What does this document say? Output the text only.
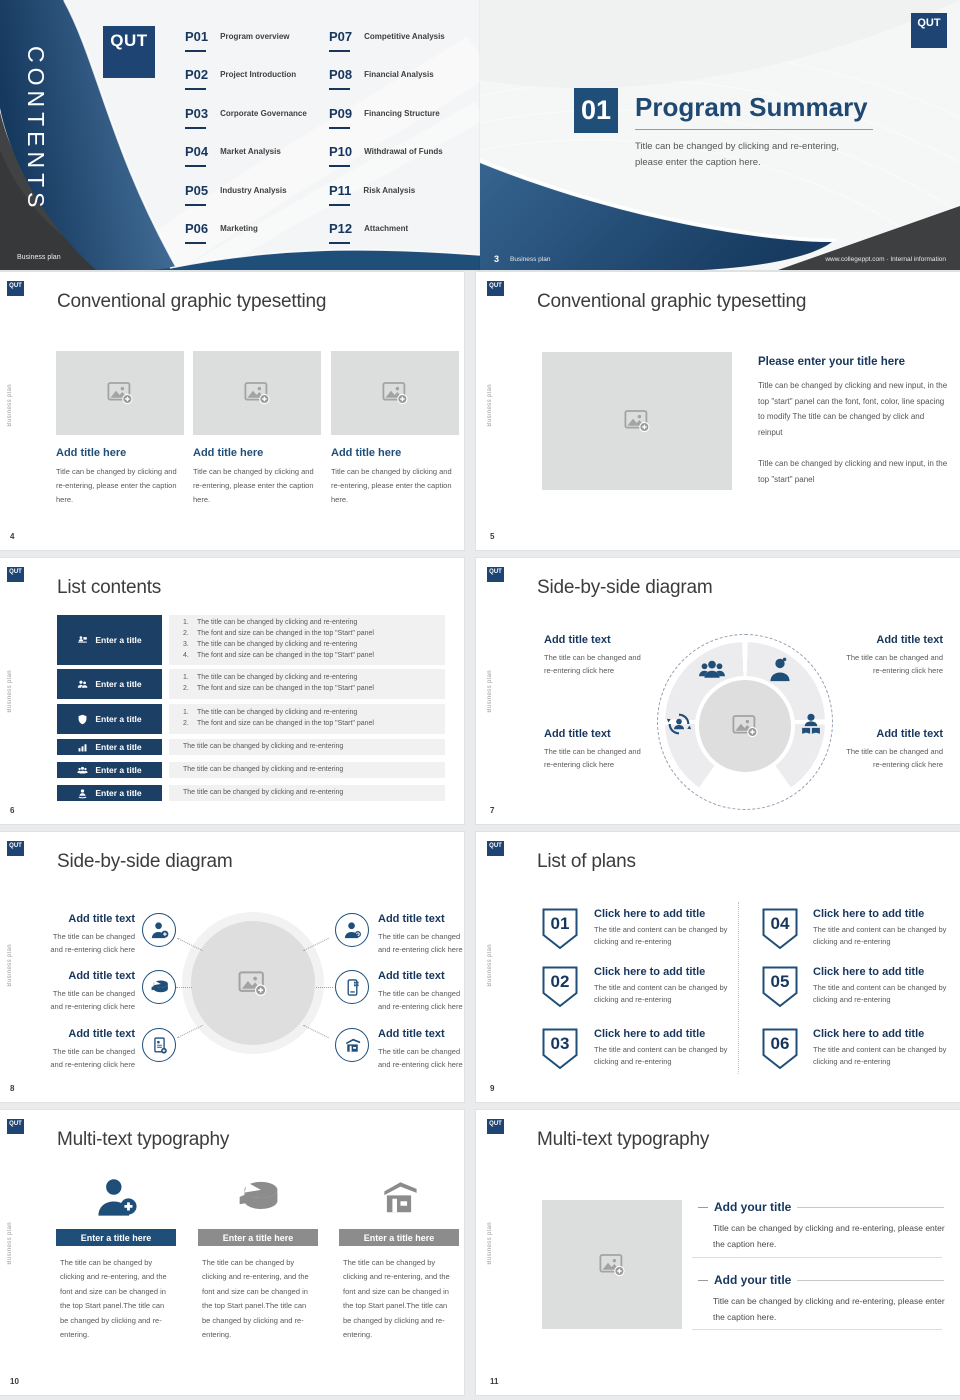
CONTENTS
QUT	P01 Program overview
P02 Project Introduction
P03 Corporate Governance
P04 Market Analysis
P05 Industry Analysis
P06 Marketing
P07 Competitive Analysis
P08 Financial Analysis
P09 Financing Structure
P10 Withdrawal of Funds
P11 Risk Analysis
P12 Attachment
Business plan
QUT
01 Program Summary
Title can be changed by clicking and re-entering,
please enter the caption here.
3 Business plan	www.collegeppt.com · Internal information
QUT
Conventional graphic typesetting
Business plan
Add title here
Title can be changed by clicking and re-entering, please enter the caption here.
Add title here
Title can be changed by clicking and re-entering, please enter the caption here.
Add title here
Title can be changed by clicking and re-entering, please enter the caption here.
4
QUT
Conventional graphic typesetting
Business plan
Please enter your title here
Title can be changed by clicking and new input, in the top "start" panel can the font, font, color, line spacing to modify The title can be changed by click and reinput
Title can be changed by clicking and new input, in the top "start" panel
5
QUT
List contents
Business plan
Enter a title
1.	The title can be changed by clicking and re-entering
2.	The font and size can be changed in the top "Start" panel
3.	The title can be changed by clicking and re-entering
4.	The font and size can be changed in the top "Start" panel
Enter a title
1.	The title can be changed by clicking and re-entering
2.	The font and size can be changed in the top "Start" panel
Enter a title
1.	The title can be changed by clicking and re-entering
2.	The font and size can be changed in the top "Start" panel
Enter a title	The title can be changed by clicking and re-entering
Enter a title	The title can be changed by clicking and re-entering
Enter a title	The title can be changed by clicking and re-entering
6
QUT
Side-by-side diagram
Business plan
Add title text

The title can be changed and
re-entering click here

Add title text

The title can be changed and
re-entering click here

Add title text

The title can be changed and
re-entering click here

Add title text

The title can be changed and
re-entering click here

7
QUT
Side-by-side diagram
Business plan
Add title text

The title can be changed
and re-entering click here

Add title text

The title can be changed
and re-entering click here

Add title text

The title can be changed
and re-entering click here

Add title text

The title can be changed
and re-entering click here

Add title text

The title can be changed
and re-entering click here

Add title text

The title can be changed
and re-entering click here

8
QUT
List of plans
Business plan
01	Click here to add title

The title and content can be changed by
clicking and re-entering

02	Click here to add title

The title and content can be changed by
clicking and re-entering

03	Click here to add title

The title and content can be changed by
clicking and re-entering

04	Click here to add title

The title and content can be changed by clicking and re-entering

05	Click here to add title

The title and content can be changed by clicking and re-entering

06	Click here to add title

The title and content can be changed by clicking and re-entering

9
QUT
Multi-text typography
Business plan	Enter a title here	Enter a title here	Enter a title here
The title can be changed by clicking and re-entering, and the font and size can be changed in the top Start panel.The title can be changed by clicking and re-entering.
The title can be changed by clicking and re-entering, and the font and size can be changed in the top Start panel.The title can be changed by clicking and re-entering.
The title can be changed by clicking and re-entering, and the font and size can be changed in the top Start panel.The title can be changed by clicking and re-entering.
10
QUT
Multi-text typography
Business plan
Add your title
Title can be changed by clicking and re-entering, please enter the caption here.
Add your title
Title can be changed by clicking and re-entering, please enter the caption here.
11
